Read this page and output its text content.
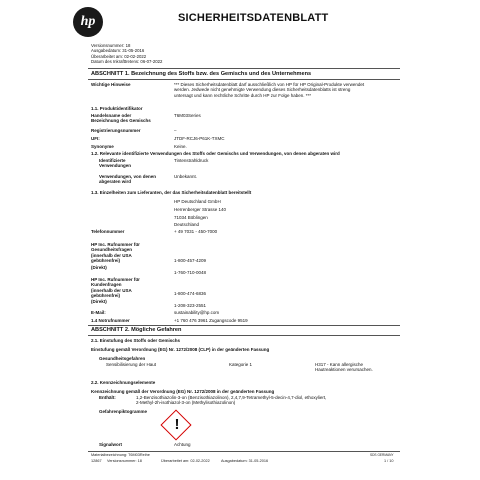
hp	SICHERHEITSDATENBLATT
Versionsnummer: 18
Ausgabedatum: 31-05-2016
Überarbeitet am: 02-02-2022
Datum des Inkrafttretens: 06-07-2022
ABSCHNITT 1. Bezeichnung des Stoffs bzw. des Gemischs und des Unternehmens
Wichtige Hinweise	*** Dieses Sicherheitsdatenblatt darf ausschließlich von HP für HP Original-Produkte verwendet
werden. Jedwede nicht genehmigte Verwendung dieses Sicherheitsdatenblatts ist streng
untersagt und kann rechtliche Schritte durch HP zur Folge haben. ***
1.1. Produktidentifikator
Handelsname oder
Bezeichnung des Gemischs
T6M03Series
Registrierungsnummer	–
UFI:	JTDF-RCJ6-P61K-TXMC
Synonyme	Keine.
1.2. Relevante identifizierte Verwendungen des Stoffs oder Gemischs und Verwendungen, von denen abgeraten wird
Identifizierte
Verwendungen
Tintenstrahldruck
Verwendungen, von denen
abgeraten wird
Unbekannt.
1.3. Einzelheiten zum Lieferanten, der das Sicherheitsdatenblatt bereitstellt
HP Deutschland GmbH
Herrenberger Strasse 140
71034 Böblingen
Deutschland
Telefonnummer	+ 49 7031 - 450-7000
HP Inc. Rufnummer für
Gesundheitsfragen
(innerhalb der USA
gebührenfrei)	1-800-457-4209
(Direkt)
1-760-710-0048
HP Inc. Rufnummer für
Kundenfragen
(innerhalb der USA
gebührenfrei)	1-800-474-6836
(Direkt)
1-208-323-2551
E-Mail:	sustainability@hp.com
1.4 Notrufnummer	+1 760 476 3961 Zugangscode 9519
ABSCHNITT 2. Mögliche Gefahren
2.1. Einstufung des Stoffs oder Gemischs
Einstufung gemäß Verordnung (EG) Nr. 1272/2008 (CLP) in der geänderten Fassung
Gesundheitsgefahren
Sensibilisierung der Haut	Kategorie 1	H317 - Kann allergische
Hautreaktionen verursachen.
2.2. Kennzeichnungselemente
Kennzeichnung gemäß der Verordnung (EG) Nr. 1272/2008 in der geänderten Fassung
Enthält:	1,2-Benzisothiazolin-3-on (Benzisothiazolinon), 2,4,7,9-Tetramethyl-5-decin-4,7-diol, ethoxyliert,
2-Methyl-2h-isothiazol-3-on (Methylisothiazolinon)
Gefahrenpiktogramme
!
Signalwort	Achtung
Materialbezeichnung: T6M03Reihe	SDS GERMANY
12867 Versionsnummer: 18	Überarbeitet am: 02-02-2022	Ausgabedatum: 31-05-2016	1 / 10
